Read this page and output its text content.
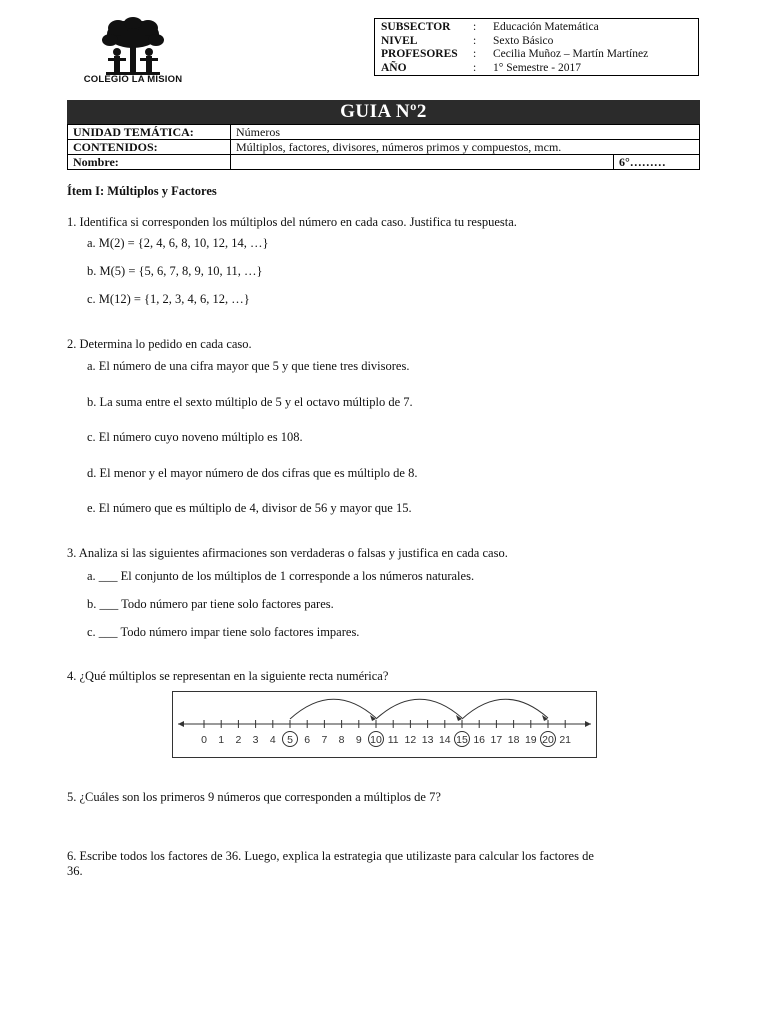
COLEGIO LA MISION
SUBSECTOR	:	Educación Matemática
NIVEL	:	Sexto Básico
PROFESORES	:	Cecilia Muñoz – Martín Martínez
AÑO	:	1° Semestre - 2017
GUIA Nº2
UNIDAD TEMÁTICA:	Números	
CONTENIDOS:	Múltiplos, factores, divisores, números primos y compuestos, mcm.	
Nombre:		6°………
Ítem I: Múltiplos y Factores
1. Identifica si corresponden los múltiplos del número en cada caso. Justifica tu respuesta.
a. M(2) = {2, 4, 6, 8, 10, 12, 14, …}
b. M(5) = {5, 6, 7, 8, 9, 10, 11, …}
c. M(12) = {1, 2, 3, 4, 6, 12, …}
2. Determina lo pedido en cada caso.
a. El número de una cifra mayor que 5 y que tiene tres divisores.
b. La suma entre el sexto múltiplo de 5 y el octavo múltiplo de 7.
c. El número cuyo noveno múltiplo es 108.
d. El menor y el mayor número de dos cifras que es múltiplo de 8.
e. El número que es múltiplo de 4, divisor de 56 y mayor que 15.
3. Analiza si las siguientes afirmaciones son verdaderas o falsas y justifica en cada caso.
a. ___ El conjunto de los múltiplos de 1 corresponde a los números naturales.
b. ___ Todo número par tiene solo factores pares.
c. ___ Todo número impar tiene solo factores impares.
4. ¿Qué múltiplos se representan en la siguiente recta numérica?
0 1 2 3 4 5 6 7 8 9 10 11 12 13 14 15 16 17 18 19 20 21
5. ¿Cuáles son los primeros 9 números que corresponden a múltiplos de 7?
6. Escribe todos los factores de 36. Luego, explica la estrategia que utilizaste para calcular los factores de
36.
